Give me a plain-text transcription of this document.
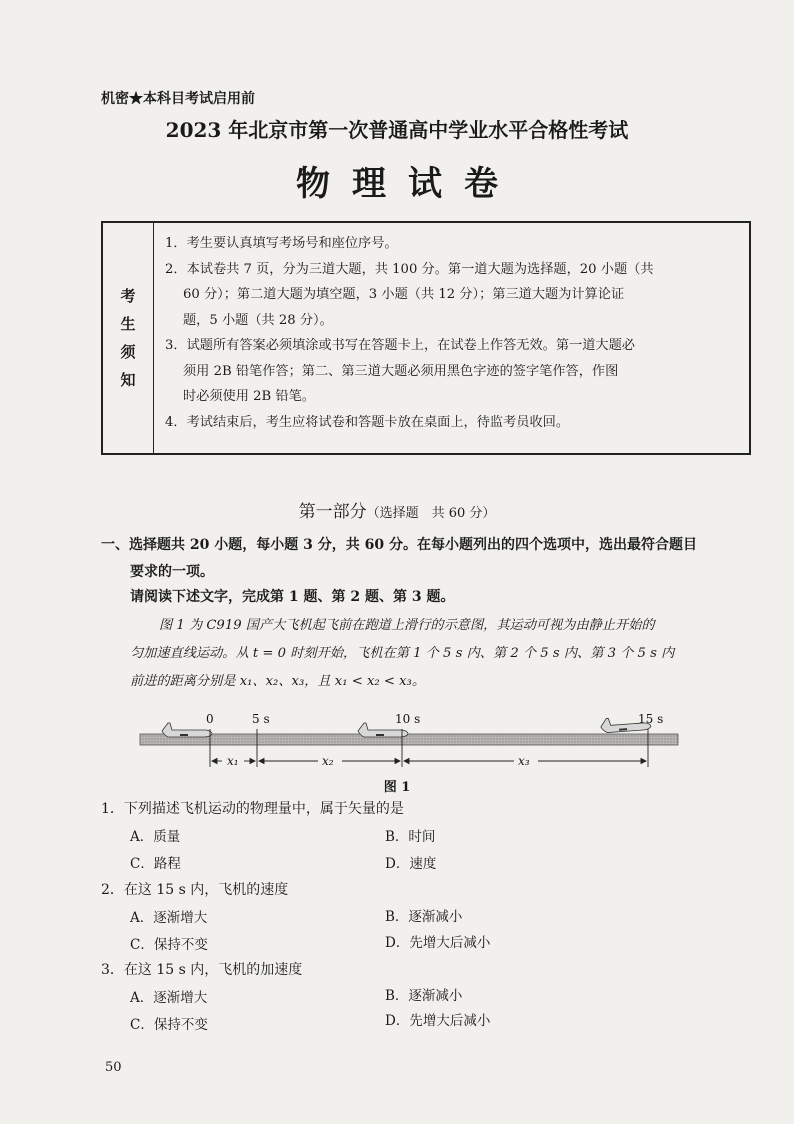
机密★本科目考试启用前
2023 年北京市第一次普通高中学业水平合格性考试
物理试卷
考
生
须
知

1．考生要认真填写考场号和座位序号。

2．本试卷共 7 页，分为三道大题，共 100 分。第一道大题为选择题，20 小题（共

60 分）；第二道大题为填空题，3 小题（共 12 分）；第三道大题为计算论证

题，5 小题（共 28 分）。

3．试题所有答案必须填涂或书写在答题卡上，在试卷上作答无效。第一道大题必

须用 2B 铅笔作答；第二、第三道大题必须用黑色字迹的签字笔作答，作图

时必须使用 2B 铅笔。

4．考试结束后，考生应将试卷和答题卡放在桌面上，待监考员收回。

第一部分（选择题　共 60 分）
一、选择题共 20 小题，每小题 3 分，共 60 分。在每小题列出的四个选项中，选出最符合题目
要求的一项。
请阅读下述文字，完成第 1 题、第 2 题、第 3 题。
图 1 为 C919 国产大飞机起飞前在跑道上滑行的示意图，其运动可视为由静止开始的
匀加速直线运动。从 t = 0 时刻开始，飞机在第 1 个 5 s 内、第 2 个 5 s 内、第 3 个 5 s 内
前进的距离分别是 x₁、x₂、x₃，且 x₁ < x₂ < x₃。
0	5 s	10 s	15 s
x₁	x₂	x₃
图 1
1．下列描述飞机运动的物理量中，属于矢量的是
A．质量	B．时间
C．路程	D．速度
2．在这 15 s 内，飞机的速度
A．逐渐增大	B．逐渐减小
C．保持不变	D．先增大后减小
3．在这 15 s 内，飞机的加速度
A．逐渐增大	B．逐渐减小
C．保持不变	D．先增大后减小
50
